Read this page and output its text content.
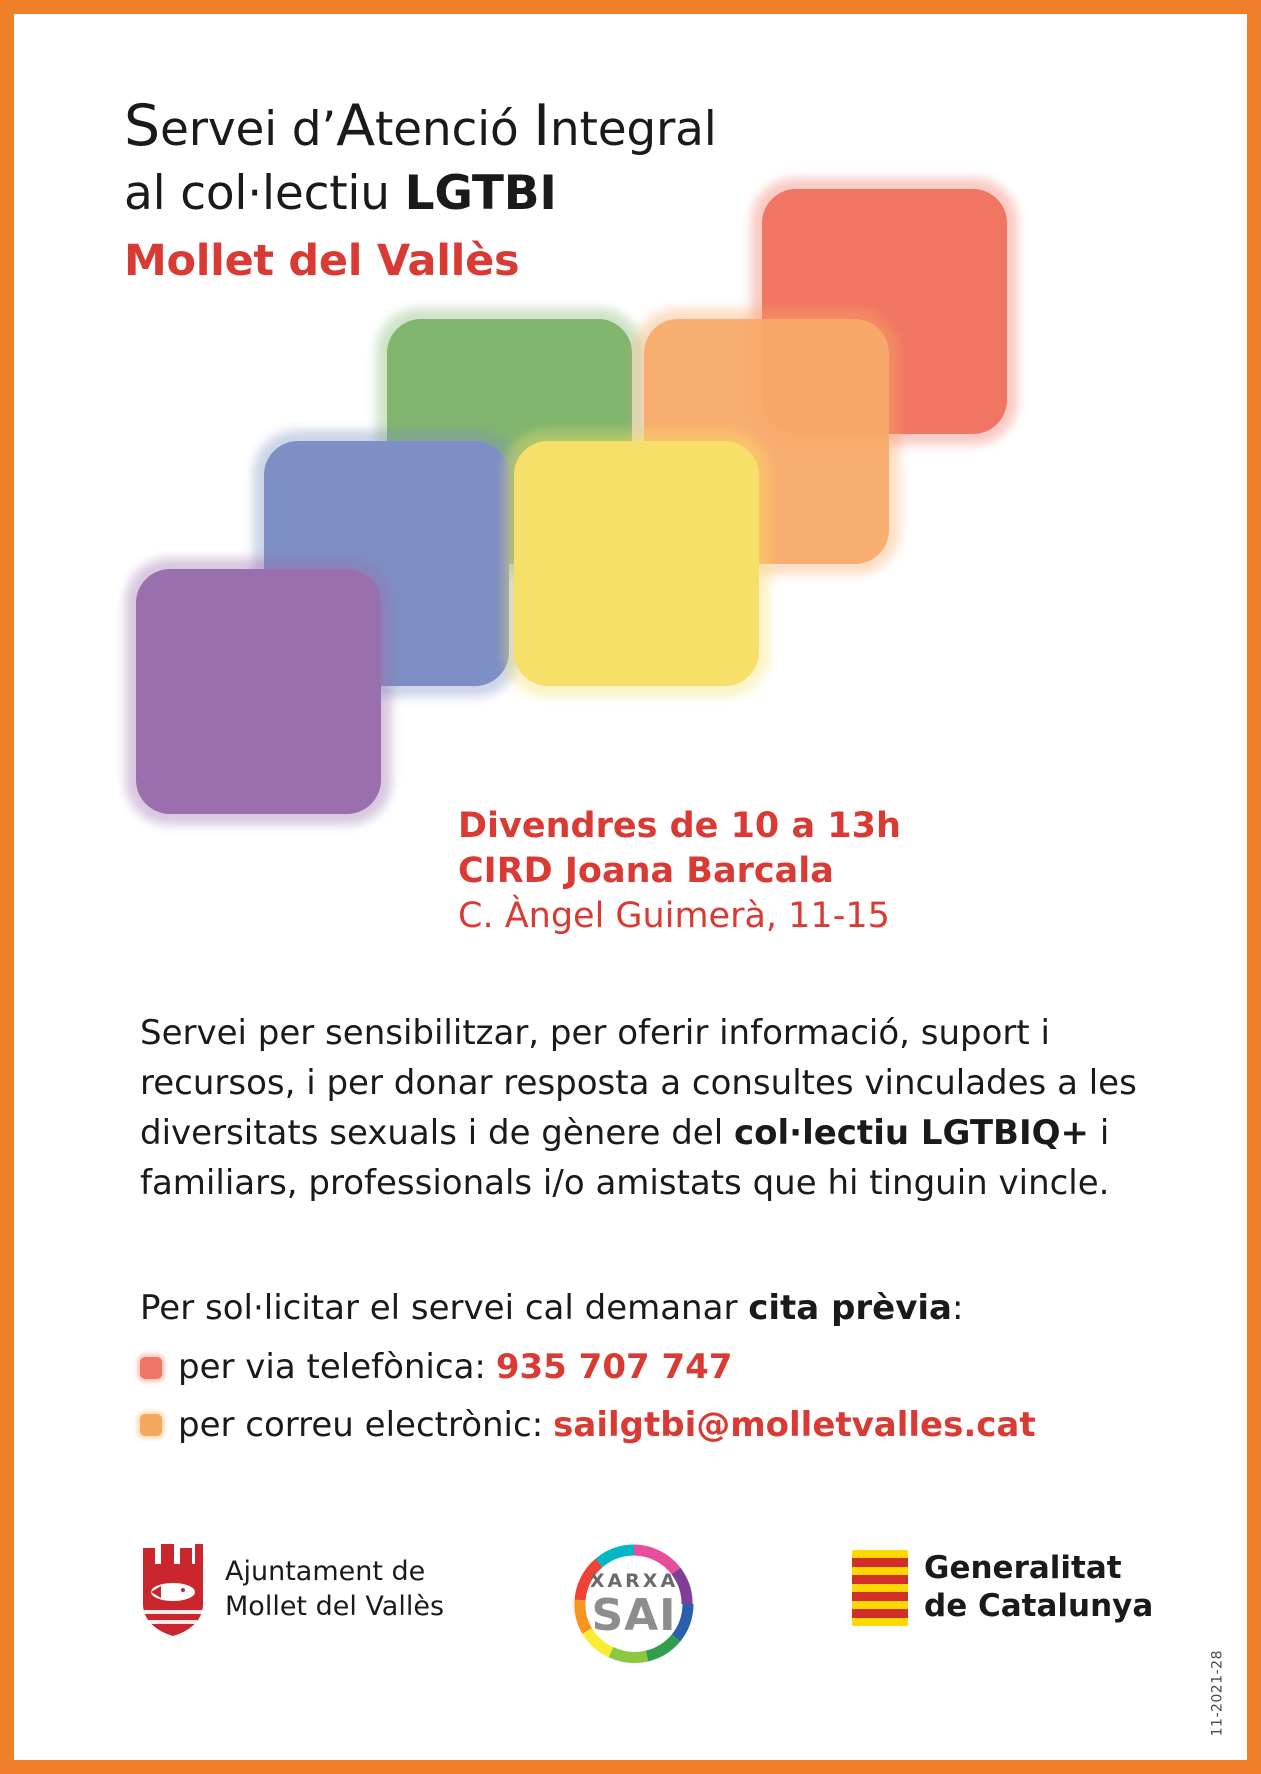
Servei d’Atenció Integral
al col·lectiu LGTBI
Mollet del Vallès
Divendres de 10 a 13h
CIRD Joana Barcala
C. Àngel Guimerà, 11-15
Servei per sensibilitzar, per oferir informació, suport i recursos, i per donar resposta a consultes vinculades a les diversitats sexuals i de gènere del col·lectiu LGTBIQ+ i familiars, professionals i/o amistats que hi tinguin vincle.
Per sol·licitar el servei cal demanar cita prèvia:
per via telefònica: 935 707 747
per correu electrònic: sailgtbi@molletvalles.cat
Ajuntament de
Mollet del Vallès
XARXA
SAI
Generalitat
de Catalunya
11-2021-28
